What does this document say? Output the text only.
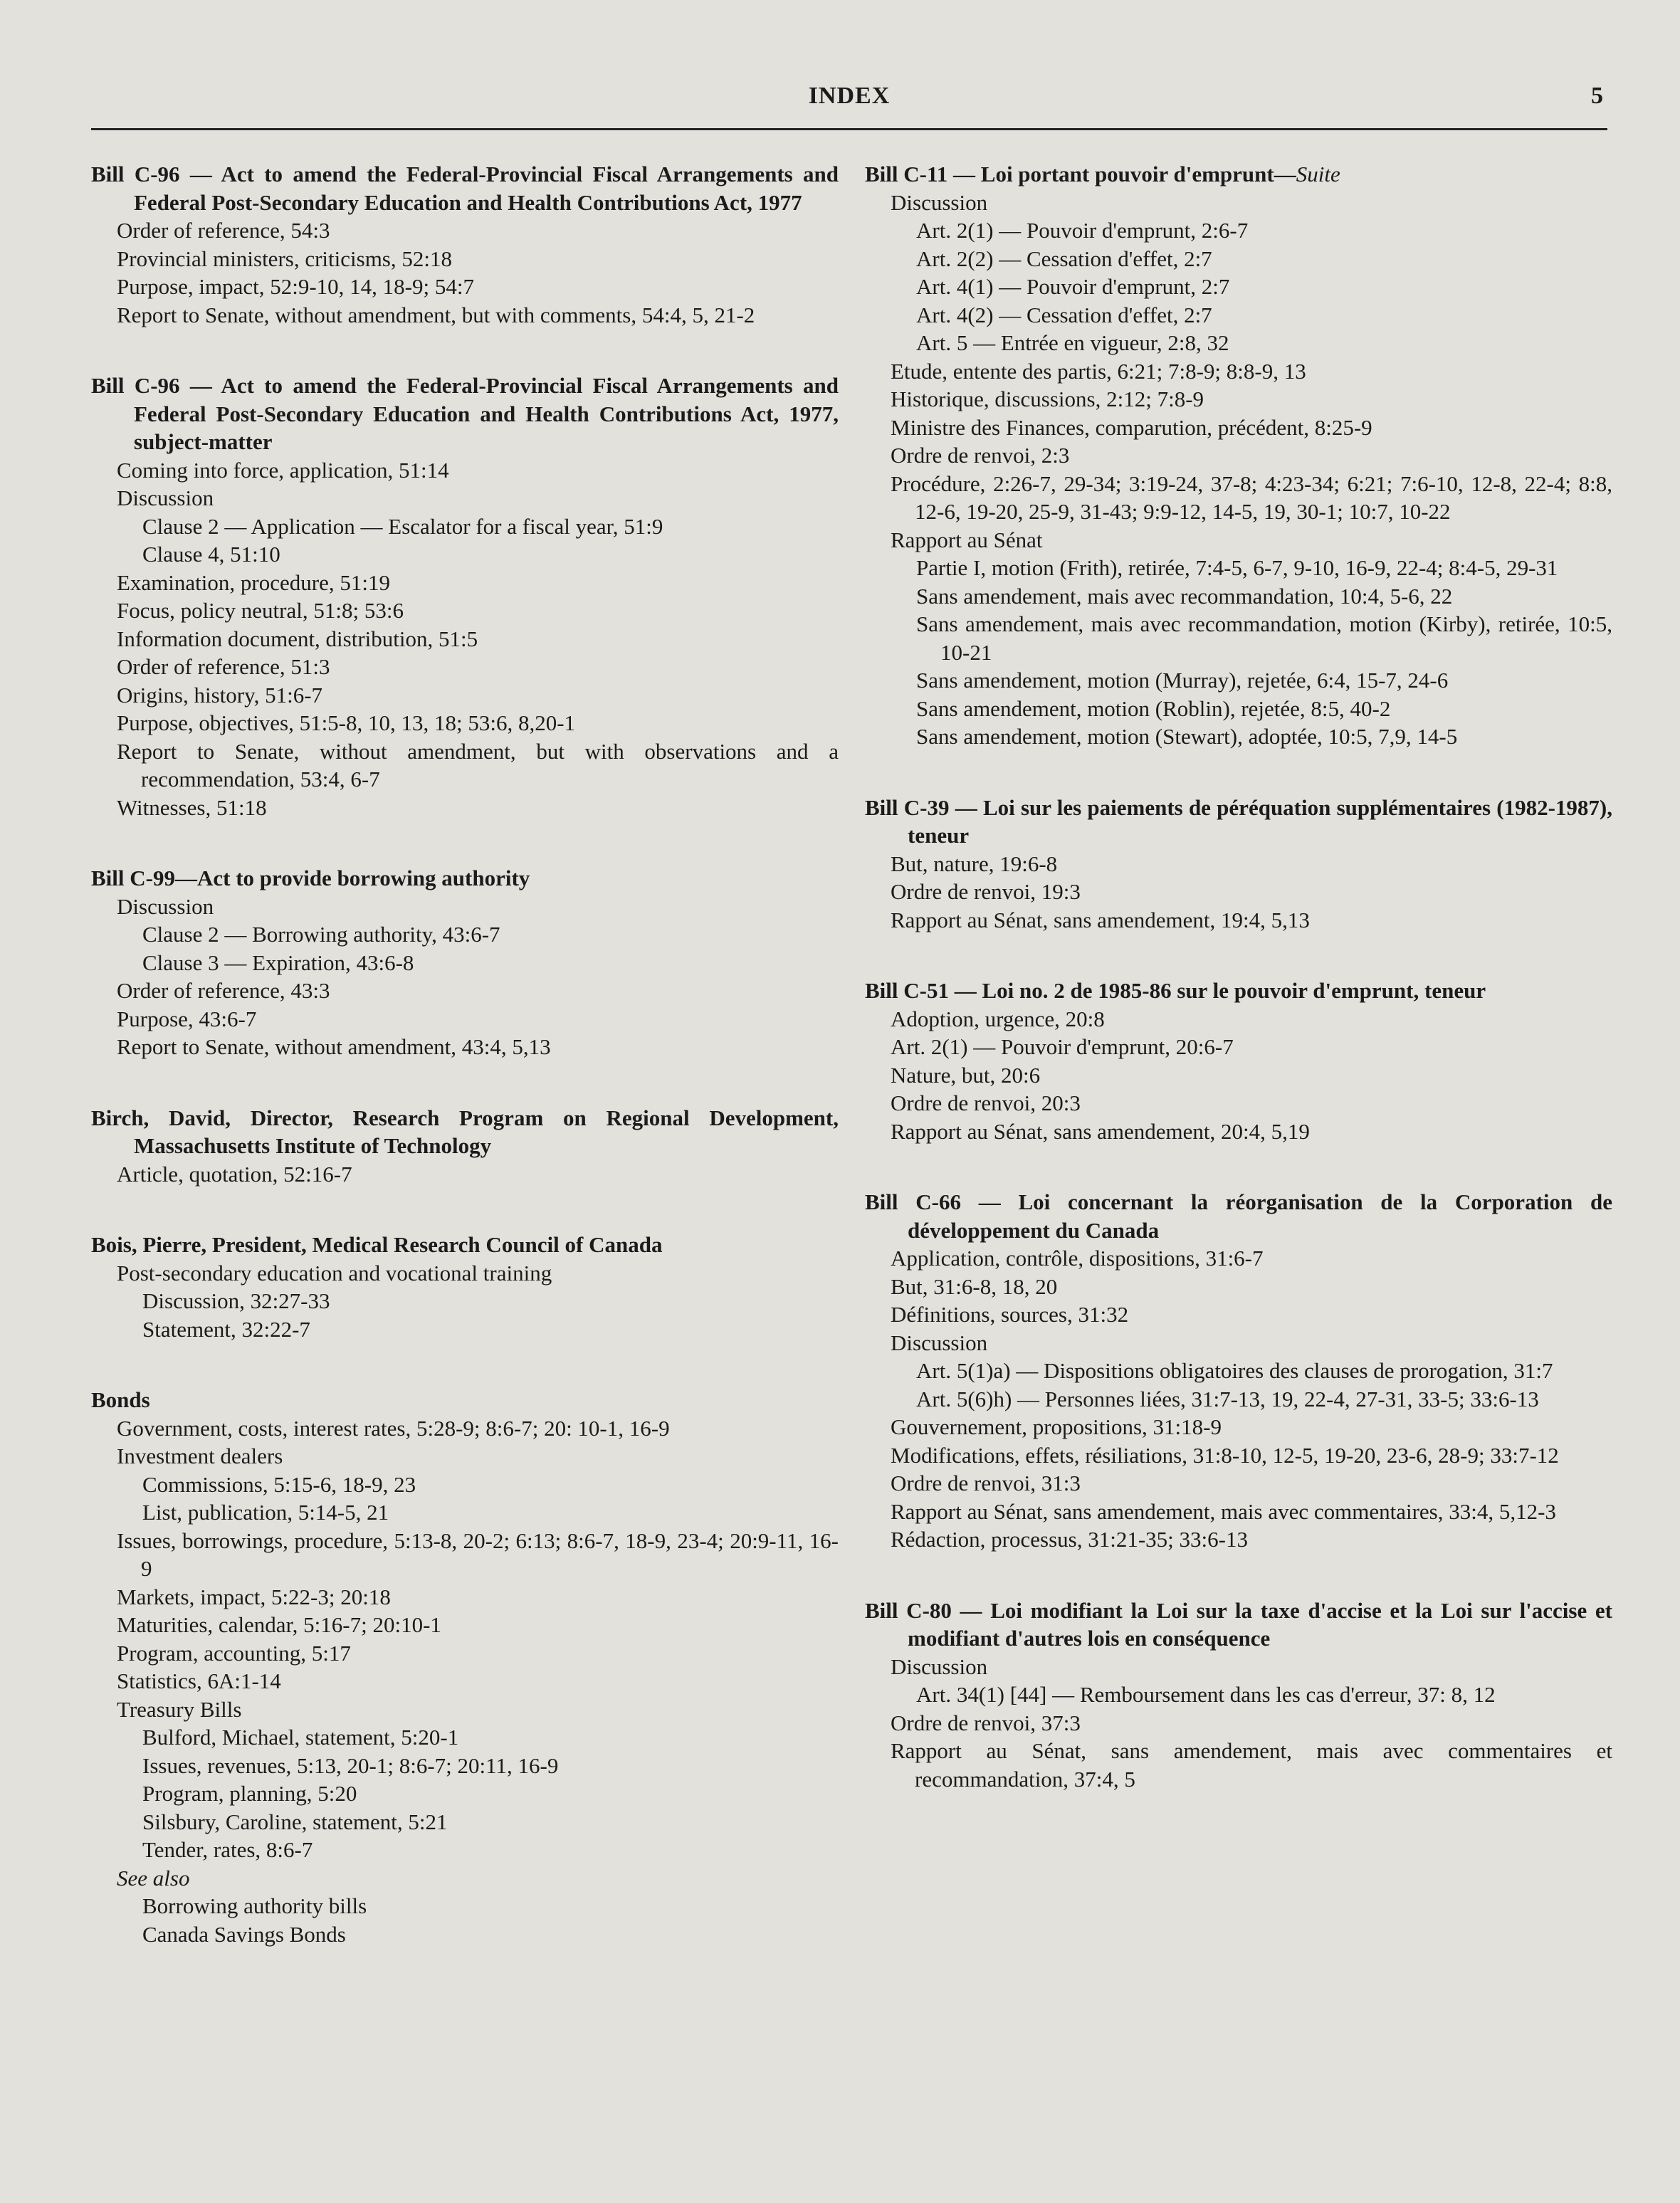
INDEX	5
Bill C-96 — Act to amend the Federal-Provincial Fiscal Arrangements and Federal Post-Secondary Education and Health Contributions Act, 1977
Order of reference, 54:3
Provincial ministers, criticisms, 52:18
Purpose, impact, 52:9-10, 14, 18-9; 54:7
Report to Senate, without amendment, but with comments, 54:4, 5, 21-2
Bill C-96 — Act to amend the Federal-Provincial Fiscal Arrangements and Federal Post-Secondary Education and Health Contributions Act, 1977, subject-matter
Coming into force, application, 51:14
Discussion
Clause 2 — Application — Escalator for a fiscal year, 51:9
Clause 4, 51:10
Examination, procedure, 51:19
Focus, policy neutral, 51:8; 53:6
Information document, distribution, 51:5
Order of reference, 51:3
Origins, history, 51:6-7
Purpose, objectives, 51:5-8, 10, 13, 18; 53:6, 8,20-1
Report to Senate, without amendment, but with observations and a recommendation, 53:4, 6-7
Witnesses, 51:18
Bill C-99—Act to provide borrowing authority
Discussion
Clause 2 — Borrowing authority, 43:6-7
Clause 3 — Expiration, 43:6-8
Order of reference, 43:3
Purpose, 43:6-7
Report to Senate, without amendment, 43:4, 5,13
Birch, David, Director, Research Program on Regional Development, Massachusetts Institute of Technology
Article, quotation, 52:16-7
Bois, Pierre, President, Medical Research Council of Canada
Post-secondary education and vocational training
Discussion, 32:27-33
Statement, 32:22-7
Bonds
Government, costs, interest rates, 5:28-9; 8:6-7; 20: 10-1, 16-9
Investment dealers
Commissions, 5:15-6, 18-9, 23
List, publication, 5:14-5, 21
Issues, borrowings, procedure, 5:13-8, 20-2; 6:13; 8:6-7, 18-9, 23-4; 20:9-11, 16-9
Markets, impact, 5:22-3; 20:18
Maturities, calendar, 5:16-7; 20:10-1
Program, accounting, 5:17
Statistics, 6A:1-14
Treasury Bills
Bulford, Michael, statement, 5:20-1
Issues, revenues, 5:13, 20-1; 8:6-7; 20:11, 16-9
Program, planning, 5:20
Silsbury, Caroline, statement, 5:21
Tender, rates, 8:6-7
See also
Borrowing authority bills
Canada Savings Bonds
Bill C-11 — Loi portant pouvoir d'emprunt—Suite
Discussion
Art. 2(1) — Pouvoir d'emprunt, 2:6-7
Art. 2(2) — Cessation d'effet, 2:7
Art. 4(1) — Pouvoir d'emprunt, 2:7
Art. 4(2) — Cessation d'effet, 2:7
Art. 5 — Entrée en vigueur, 2:8, 32
Etude, entente des partis, 6:21; 7:8-9; 8:8-9, 13
Historique, discussions, 2:12; 7:8-9
Ministre des Finances, comparution, précédent, 8:25-9
Ordre de renvoi, 2:3
Procédure, 2:26-7, 29-34; 3:19-24, 37-8; 4:23-34; 6:21; 7:6-10, 12-8, 22-4; 8:8, 12-6, 19-20, 25-9, 31-43; 9:9-12, 14-5, 19, 30-1; 10:7, 10-22
Rapport au Sénat
Partie I, motion (Frith), retirée, 7:4-5, 6-7, 9-10, 16-9, 22-4; 8:4-5, 29-31
Sans amendement, mais avec recommandation, 10:4, 5-6, 22
Sans amendement, mais avec recommandation, motion (Kirby), retirée, 10:5, 10-21
Sans amendement, motion (Murray), rejetée, 6:4, 15-7, 24-6
Sans amendement, motion (Roblin), rejetée, 8:5, 40-2
Sans amendement, motion (Stewart), adoptée, 10:5, 7,9, 14-5
Bill C-39 — Loi sur les paiements de péréquation supplémentaires (1982-1987), teneur
But, nature, 19:6-8
Ordre de renvoi, 19:3
Rapport au Sénat, sans amendement, 19:4, 5,13
Bill C-51 — Loi no. 2 de 1985-86 sur le pouvoir d'emprunt, teneur
Adoption, urgence, 20:8
Art. 2(1) — Pouvoir d'emprunt, 20:6-7
Nature, but, 20:6
Ordre de renvoi, 20:3
Rapport au Sénat, sans amendement, 20:4, 5,19
Bill C-66 — Loi concernant la réorganisation de la Corporation de développement du Canada
Application, contrôle, dispositions, 31:6-7
But, 31:6-8, 18, 20
Définitions, sources, 31:32
Discussion
Art. 5(1)a) — Dispositions obligatoires des clauses de prorogation, 31:7
Art. 5(6)h) — Personnes liées, 31:7-13, 19, 22-4, 27-31, 33-5; 33:6-13
Gouvernement, propositions, 31:18-9
Modifications, effets, résiliations, 31:8-10, 12-5, 19-20, 23-6, 28-9; 33:7-12
Ordre de renvoi, 31:3
Rapport au Sénat, sans amendement, mais avec commentaires, 33:4, 5,12-3
Rédaction, processus, 31:21-35; 33:6-13
Bill C-80 — Loi modifiant la Loi sur la taxe d'accise et la Loi sur l'accise et modifiant d'autres lois en conséquence
Discussion
Art. 34(1) [44] — Remboursement dans les cas d'erreur, 37: 8, 12
Ordre de renvoi, 37:3
Rapport au Sénat, sans amendement, mais avec commentaires et recommandation, 37:4, 5
